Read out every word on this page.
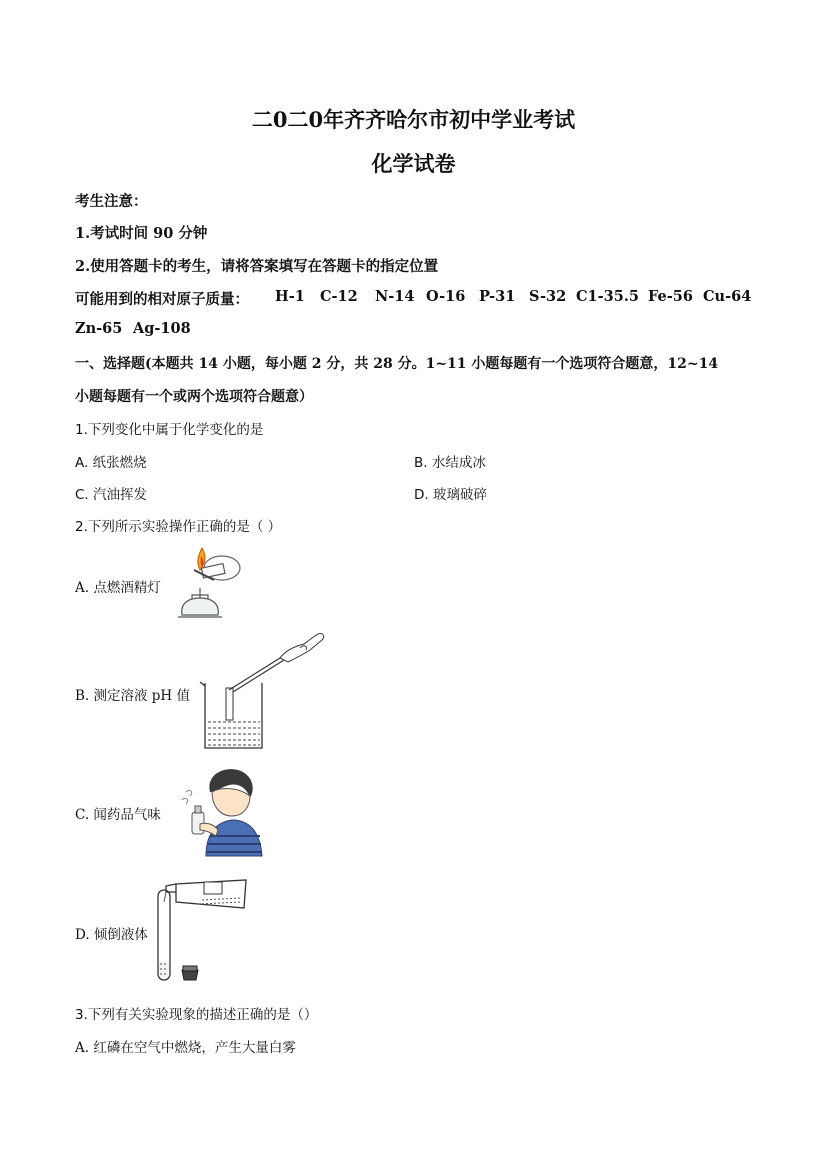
二0二0年齐齐哈尔市初中学业考试
化学试卷
考生注意：
1.考试时间 90 分钟
2.使用答题卡的考生，请将答案填写在答题卡的指定位置
可能用到的相对原子质量： H-1 C-12 N-14 O-16 P-31 S-32 C1-35.5 Fe-56 Cu-64
Zn-65 Ag-108
一、选择题(本题共 14 小题，每小题 2 分，共 28 分。1~11 小题每题有一个选项符合题意，12~14
小题每题有一个或两个选项符合题意）
1.下列变化中属于化学变化的是
A. 纸张燃烧	B. 水结成冰
C. 汽油挥发	D. 玻璃破碎
2.下列所示实验操作正确的是（ ）
A. 点燃酒精灯
B. 测定溶液 pH 值
C. 闻药品气味
D. 倾倒液体
3.下列有关实验现象的描述正确的是（）
A. 红磷在空气中燃烧，产生大量白雾
